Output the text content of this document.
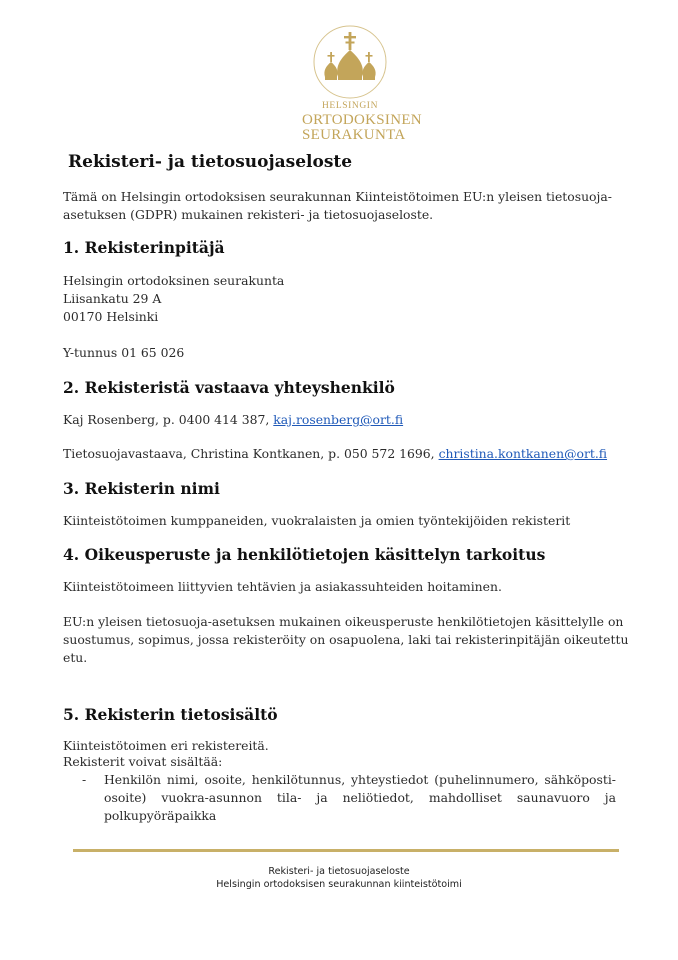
HELSINGIN
ORTODOKSINEN
SEURAKUNTA
Rekisteri- ja tietosuojaseloste
Tämä on Helsingin ortodoksisen seurakunnan Kiinteistötoimen EU:n yleisen tietosuoja-
asetuksen (GDPR) mukainen rekisteri- ja tietosuojaseloste.
1. Rekisterinpitäjä
Helsingin ortodoksinen seurakunta
Liisankatu 29 A
00170 Helsinki
Y-tunnus 01 65 026
2. Rekisteristä vastaava yhteyshenkilö
Kaj Rosenberg, p. 0400 414 387, kaj.rosenberg@ort.fi
Tietosuojavastaava, Christina Kontkanen, p. 050 572 1696, christina.kontkanen@ort.fi
3. Rekisterin nimi
Kiinteistötoimen kumppaneiden, vuokralaisten ja omien työntekijöiden rekisterit
4. Oikeusperuste ja henkilötietojen käsittelyn tarkoitus
Kiinteistötoimeen liittyvien tehtävien ja asiakassuhteiden hoitaminen.
EU:n yleisen tietosuoja-asetuksen mukainen oikeusperuste henkilötietojen käsittelylle on
suostumus, sopimus, jossa rekisteröity on osapuolena, laki tai rekisterinpitäjän oikeutettu
etu.
5. Rekisterin tietosisältö
Kiinteistötoimen eri rekistereitä.
Rekisterit voivat sisältää:
- Henkilön nimi, osoite, henkilötunnus, yhteystiedot (puhelinnumero, sähköposti-osoite) vuokra-asunnon tila- ja neliötiedot, mahdolliset saunavuoro ja polkupyöräpaikka
Rekisteri- ja tietosuojaseloste
Helsingin ortodoksisen seurakunnan kiinteistötoimi
